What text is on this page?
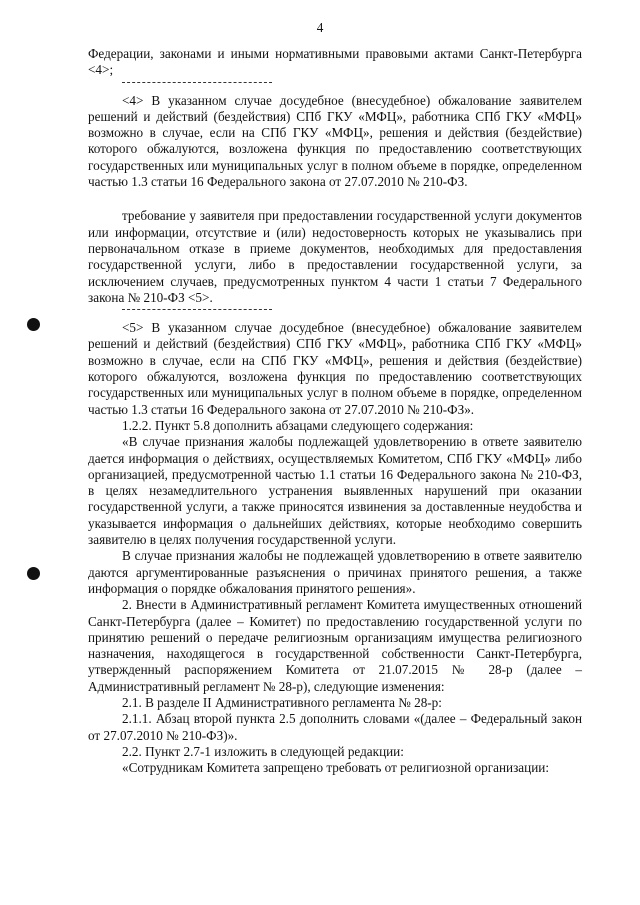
4

Федерации, законами и иными нормативными правовыми актами Санкт-Петербурга <4>;

<4> В указанном случае досудебное (внесудебное) обжалование заявителем решений и действий (бездействия) СПб ГКУ «МФЦ», работника СПб ГКУ «МФЦ» возможно в случае, если на СПб ГКУ «МФЦ», решения и действия (бездействие) которого обжалуются, возложена функция по предоставлению соответствующих государственных или муниципальных услуг в полном объеме в порядке, определенном частью 1.3 статьи 16 Федерального закона от 27.07.2010 № 210-ФЗ.

требование у заявителя при предоставлении государственной услуги документов или информации, отсутствие и (или) недостоверность которых не указывались при первоначальном отказе в приеме документов, необходимых для предоставления государственной услуги, либо в предоставлении государственной услуги, за исключением случаев, предусмотренных пунктом 4 части 1 статьи 7 Федерального закона № 210-ФЗ <5>.

<5> В указанном случае досудебное (внесудебное) обжалование заявителем решений и действий (бездействия) СПб ГКУ «МФЦ», работника СПб ГКУ «МФЦ» возможно в случае, если на СПб ГКУ «МФЦ», решения и действия (бездействие) которого обжалуются, возложена функция по предоставлению соответствующих государственных или муниципальных услуг в полном объеме в порядке, определенном частью 1.3 статьи 16 Федерального закона от 27.07.2010 № 210-ФЗ».

1.2.2. Пункт 5.8 дополнить абзацами следующего содержания:

«В случае признания жалобы подлежащей удовлетворению в ответе заявителю дается информация о действиях, осуществляемых Комитетом, СПб ГКУ «МФЦ» либо организацией, предусмотренной частью 1.1 статьи 16 Федерального закона № 210-ФЗ, в целях незамедлительного устранения выявленных нарушений при оказании государственной услуги, а также приносятся извинения за доставленные неудобства и указывается информация о дальнейших действиях, которые необходимо совершить заявителю в целях получения государственной услуги.

В случае признания жалобы не подлежащей удовлетворению в ответе заявителю даются аргументированные разъяснения о причинах принятого решения, а также информация о порядке обжалования принятого решения».

2. Внести в Административный регламент Комитета имущественных отношений Санкт-Петербурга (далее – Комитет) по предоставлению государственной услуги по принятию решений о передаче религиозным организациям имущества религиозного назначения, находящегося в государственной собственности Санкт-Петербурга, утвержденный распоряжением Комитета от 21.07.2015 № 28-р (далее – Административный регламент № 28-р), следующие изменения:

2.1. В разделе II Административного регламента № 28-р:

2.1.1. Абзац второй пункта 2.5 дополнить словами «(далее – Федеральный закон от 27.07.2010 № 210-ФЗ)».

2.2. Пункт 2.7-1 изложить в следующей редакции:

«Сотрудникам Комитета запрещено требовать от религиозной организации:
